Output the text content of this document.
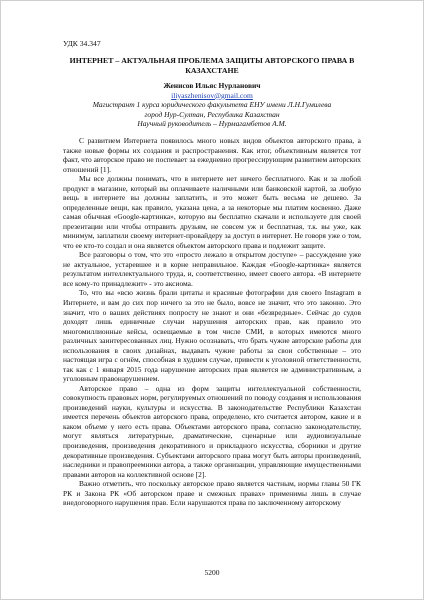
УДК 34.347
ИНТЕРНЕТ – АКТУАЛЬНАЯ ПРОБЛЕМА ЗАЩИТЫ АВТОРСКОГО ПРАВА В КАЗАХСТАНЕ
Женисов Ильяс Нурланович
iliyaszhenisov@gmail.com
Магистрант 1 курса юридического факультета ЕНУ имени Л.Н.Гумилева
город Нур-Султан, Республика Казахстан
Научный руководитель – Нурмагамбетов А.М.

С развитием Интернета появилось много новых видов объектов авторского права, а также новые формы их создания и распространения. Как итог, объективным является тот факт, что авторское право не поспевает за ежедневно прогрессирующим развитием авторских отношений [1].

Мы все должны понимать, что в интернете нет ничего бесплатного. Как и за любой продукт в магазине, который вы оплачиваете наличными или банковской картой, за любую вещь в интернете вы должны заплатить, и это может быть весьма не дешево. За определенные вещи, как правило, указана цена, а за некоторые мы платим косвенно. Даже самая обычная «Google-картинка», которую вы бесплатно скачали и используете для своей презентации или чтобы отправить друзьям, не совсем уж и бесплатная, т.к. вы уже, как минимум, заплатили своему интернет-провайдеру за доступ в интернет. Не говоря уже о том, что ее кто-то создал и она является объектом авторского права и подлежит защите.

Все разговоры о том, что это «просто лежало в открытом доступе» – рассуждение уже не актуальное, устаревшее и в корне неправильное. Каждая «Google-картинка» является результатом интеллектуального труда, и, соответственно, имеет своего автора. «В интернете все кому-то принадлежит» - это аксиома.

То, что вы «всю жизнь брали цитаты и красивые фотографии для своего Instagram в Интернете, и вам до сих пор ничего за это не было, вовсе не значит, что это законно. Это значит, что о ваших действиях попросту не знают и они «безвредные». Сейчас до судов доходят лишь единичные случаи нарушения авторских прав, как правило это многомиллионные кейсы, освещаемые в том числе СМИ, в которых имеются много различных заинтересованных лиц. Нужно осознавать, что брать чужие авторские работы для использования в своих дизайнах, выдавать чужие работы за свои собственные – это настоящая игра с огнём, способная в худшем случае, привести к уголовной ответственности, так как с 1 января 2015 года нарушение авторских прав является не административным, а уголовным правонарушением.

Авторское право – одна из форм защиты интеллектуальной собственности, совокупность правовых норм, регулируемых отношений по поводу создания и использования произведений науки, культуры и искусства. В законодательстве Республики Казахстан имеется перечень объектов авторского права, определено, кто считается автором, какие и в каком объеме у него есть права. Объектами авторского права, согласно законодательству, могут являться литературные, драматические, сценарные или аудиовизуальные произведения, произведения декоративного и прикладного искусства, сборники и другие декоративные произведения. Субъектами авторского права могут быть авторы произведений, наследники и правопреемники автора, а также организации, управляющие имущественными правами авторов на коллективной основе [2].

Важно отметить, что поскольку авторское право является частным, нормы главы 50 ГК РК и Закона РК «Об авторском праве и смежных правах» применимы лишь в случае внедоговорного нарушения прав. Если нарушаются права по заключенному авторскому

5200
